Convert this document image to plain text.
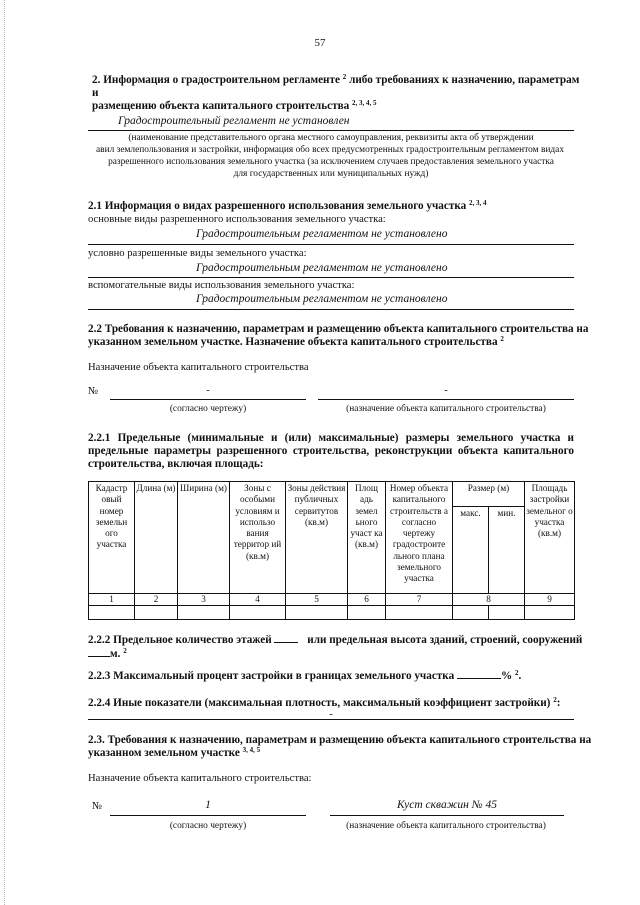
57
2. Информация о градостроительном регламенте $^2$ либо требованиях к назначению, параметрам и
размещению объекта капитального строительства $^{2, 3, 4, 5}$
Градостроительный регламент не установлен
(наименование представительного органа местного самоуправления, реквизиты акта об утверждении
авил землепользования и застройки, информация обо всех предусмотренных градостроительным регламентом видах
разрешенного использования земельного участка (за исключением случаев предоставления земельного участка
для государственных или муниципальных нужд)
2.1 Информация о видах разрешенного использования земельного участка $^{2, 3, 4}$
основные виды разрешенного использования земельного участка:
Градостроительным регламентом не установлено
условно разрешенные виды земельного участка:
Градостроительным регламентом не установлено
вспомогательные виды использования земельного участка:
Градостроительным регламентом не установлено
2.2 Требования к назначению, параметрам и размещению объекта капитального строительства на
указанном земельном участке. Назначение объекта капитального строительства $^2$
Назначение объекта капитального строительства
№	-	-
(согласно чертежу)	(назначение объекта капитального строительства)
2.2.1 Предельные (минимальные и (или) максимальные) размеры земельного участка и
предельные параметры разрешенного строительства, реконструкции объекта капитального
строительства, включая площадь:
Кадастр овый номер земельн ого участка	Длина (м)	Ширина (м)	Зоны с особыми условиям и использо вания территор ий (кв.м)	Зоны действия публичных сервитутов (кв.м)	Площ адь земел ьного участ ка (кв.м)	Номер объекта капитального строительств а согласно чертежу градостроите льного плана земельного участка	Размер (м)		Площадь застройки земельног о участка (кв.м)
							макс.	мин.	
1	2	3	4	5	6	7	8		9

2.2.2 Предельное количество этажей	или предельная высота зданий, строений, сооружений
м. $^2$
2.2.3 Максимальный процент застройки в границах земельного участка	% $^2$.
2.2.4 Иные показатели (максимальная плотность, максимальный коэффициент застройки) $^2$:
-
2.3. Требования к назначению, параметрам и размещению объекта капитального строительства на
указанном земельном участке $^{3, 4, 5}$
Назначение объекта капитального строительства:
№	1	Куст скважин № 45
(согласно чертежу)	(назначение объекта капитального строительства)
